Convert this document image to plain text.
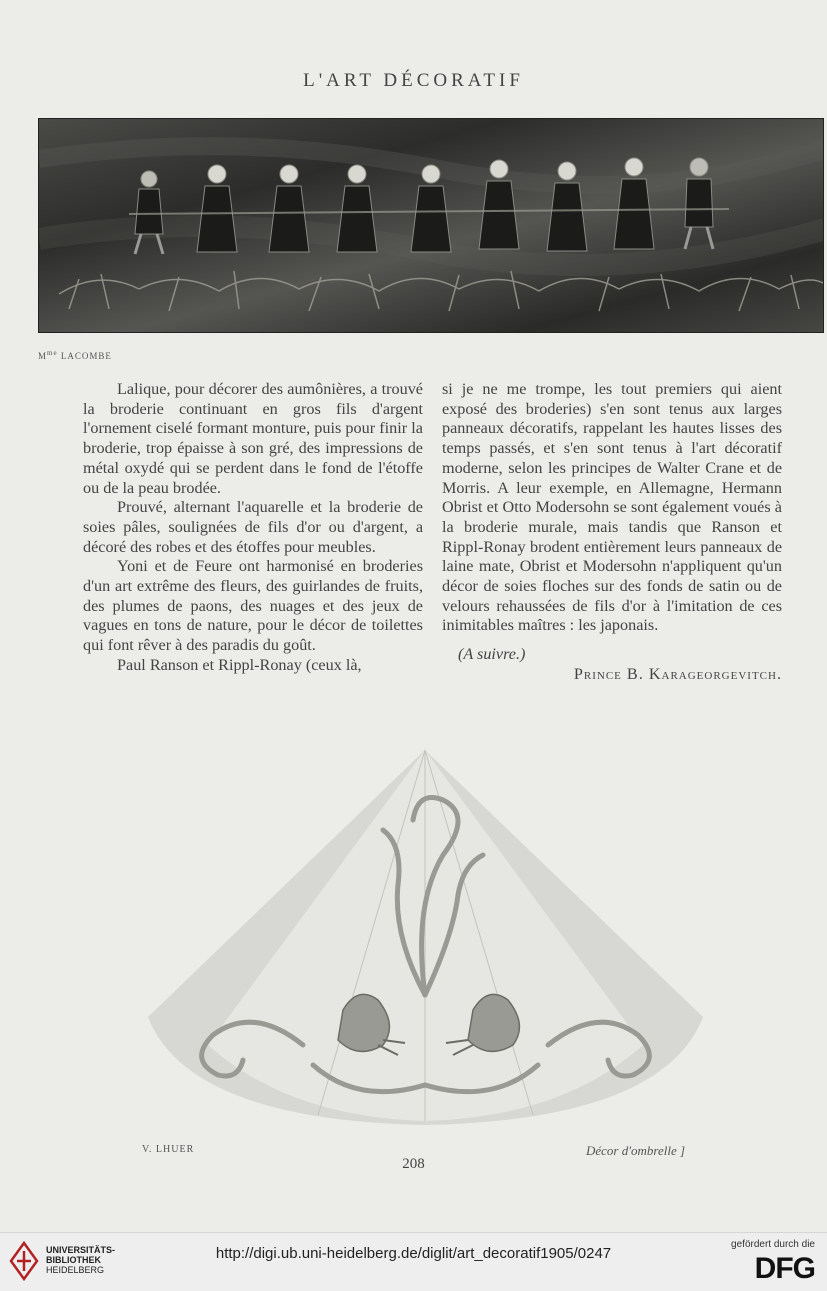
L'ART DÉCORATIF
$M^{me}$ LACOMBE

Lalique, pour décorer des aumônières, a trouvé la broderie continuant en gros fils d'argent l'ornement ciselé formant monture, puis pour finir la broderie, trop épaisse à son gré, des impressions de métal oxydé qui se perdent dans le fond de l'étoffe ou de la peau brodée.

Prouvé, alternant l'aquarelle et la broderie de soies pâles, soulignées de fils d'or ou d'argent, a décoré des robes et des étoffes pour meubles.

Yoni et de Feure ont harmonisé en broderies d'un art extrême des fleurs, des guirlandes de fruits, des plumes de paons, des nuages et des jeux de vagues en tons de nature, pour le décor de toilettes qui font rêver à des paradis du goût.

Paul Ranson et Rippl-Ronay (ceux là,

si je ne me trompe, les tout premiers qui aient exposé des broderies) s'en sont tenus aux larges panneaux décoratifs, rappelant les hautes lisses des temps passés, et s'en sont tenus à l'art décoratif moderne, selon les principes de Walter Crane et de Morris. A leur exemple, en Allemagne, Hermann Obrist et Otto Modersohn se sont également voués à la broderie murale, mais tandis que Ranson et Rippl-Ronay brodent entièrement leurs panneaux de laine mate, Obrist et Modersohn n'appliquent qu'un décor de soies floches sur des fonds de satin ou de velours rehaussées de fils d'or à l'imitation de ces inimitables maîtres : les japonais.

(A suivre.)

Prince B. Karageorgevitch.

V. LHUER	Décor d'ombrelle ]
208
UNIVERSITÄTS-
BIBLIOTHEK
HEIDELBERG
http://digi.ub.uni-heidelberg.de/diglit/art_decoratif1905/0247
gefördert durch die
DFG
